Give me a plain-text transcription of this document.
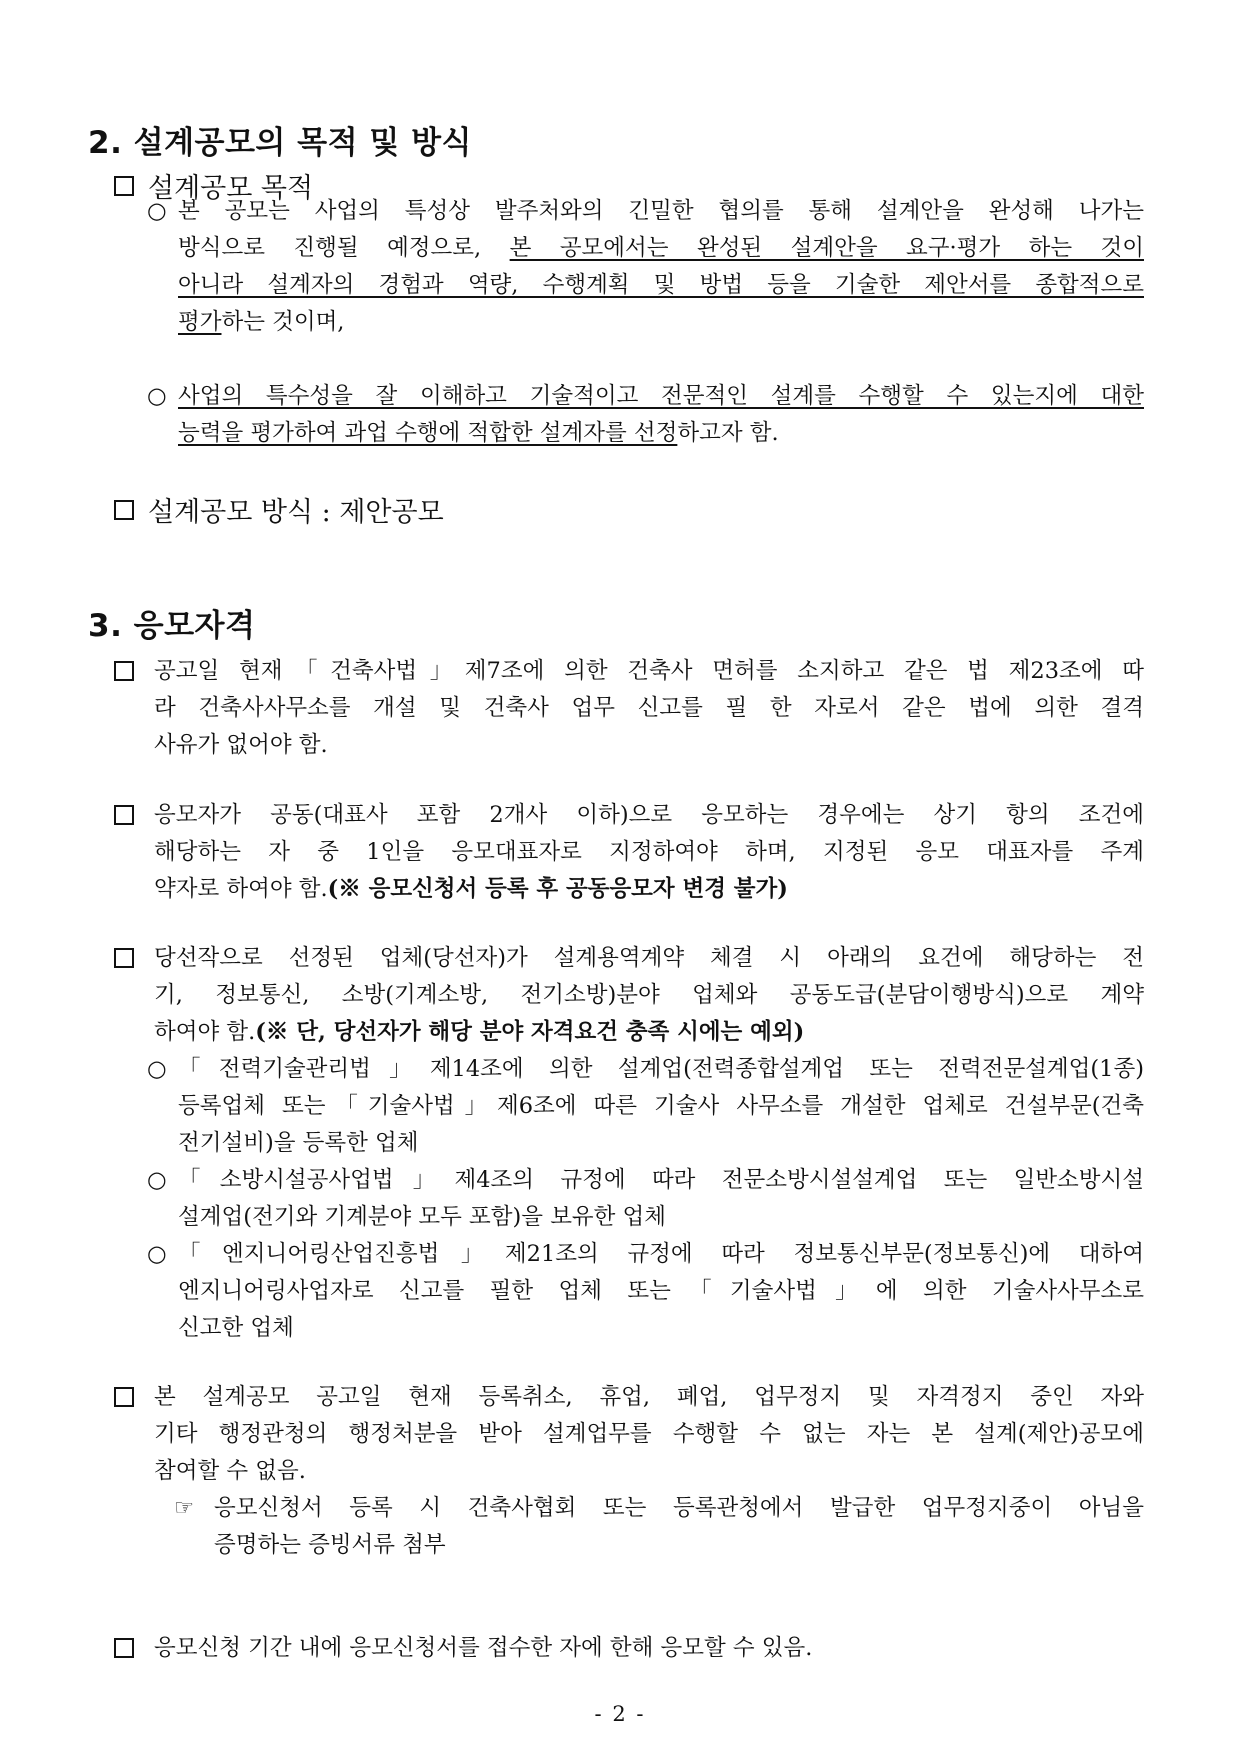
2. 설계공모의 목적 및 방식
설계공모 목적
○ 본 공모는 사업의 특성상 발주처와의 긴밀한 협의를 통해 설계안을 완성해 나가는
방식으로 진행될 예정으로, 본 공모에서는 완성된 설계안을 요구·평가 하는 것이
아니라 설계자의 경험과 역량, 수행계획 및 방법 등을 기술한 제안서를 종합적으로
평가하는 것이며,
○ 사업의 특수성을 잘 이해하고 기술적이고 전문적인 설계를 수행할 수 있는지에 대한
능력을 평가하여 과업 수행에 적합한 설계자를 선정하고자 함.
설계공모 방식 : 제안공모
3. 응모자격
공고일 현재「건축사법」제7조에 의한 건축사 면허를 소지하고 같은 법 제23조에 따
라 건축사사무소를 개설 및 건축사 업무 신고를 필 한 자로서 같은 법에 의한 결격
사유가 없어야 함.
응모자가 공동(대표사 포함 2개사 이하)으로 응모하는 경우에는 상기 항의 조건에
해당하는 자 중 1인을 응모대표자로 지정하여야 하며, 지정된 응모 대표자를 주계
약자로 하여야 함.(※ 응모신청서 등록 후 공동응모자 변경 불가)
당선작으로 선정된 업체(당선자)가 설계용역계약 체결 시 아래의 요건에 해당하는 전
기, 정보통신, 소방(기계소방, 전기소방)분야 업체와 공동도급(분담이행방식)으로 계약
하여야 함.(※ 단, 당선자가 해당 분야 자격요건 충족 시에는 예외)
○ 「전력기술관리법」제14조에 의한 설계업(전력종합설계업 또는 전력전문설계업(1종)
등록업체 또는「기술사법」제6조에 따른 기술사 사무소를 개설한 업체로 건설부문(건축
전기설비)을 등록한 업체
○ 「소방시설공사업법」제4조의 규정에 따라 전문소방시설설계업 또는 일반소방시설
설계업(전기와 기계분야 모두 포함)을 보유한 업체
○ 「엔지니어링산업진흥법」제21조의 규정에 따라 정보통신부문(정보통신)에 대하여
엔지니어링사업자로 신고를 필한 업체 또는「기술사법」에 의한 기술사사무소로
신고한 업체
본 설계공모 공고일 현재 등록취소, 휴업, 폐업, 업무정지 및 자격정지 중인 자와
기타 행정관청의 행정처분을 받아 설계업무를 수행할 수 없는 자는 본 설계(제안)공모에
참여할 수 없음.
☞ 응모신청서 등록 시 건축사협회 또는 등록관청에서 발급한 업무정지중이 아님을
증명하는 증빙서류 첨부
응모신청 기간 내에 응모신청서를 접수한 자에 한해 응모할 수 있음.
- 2 -
